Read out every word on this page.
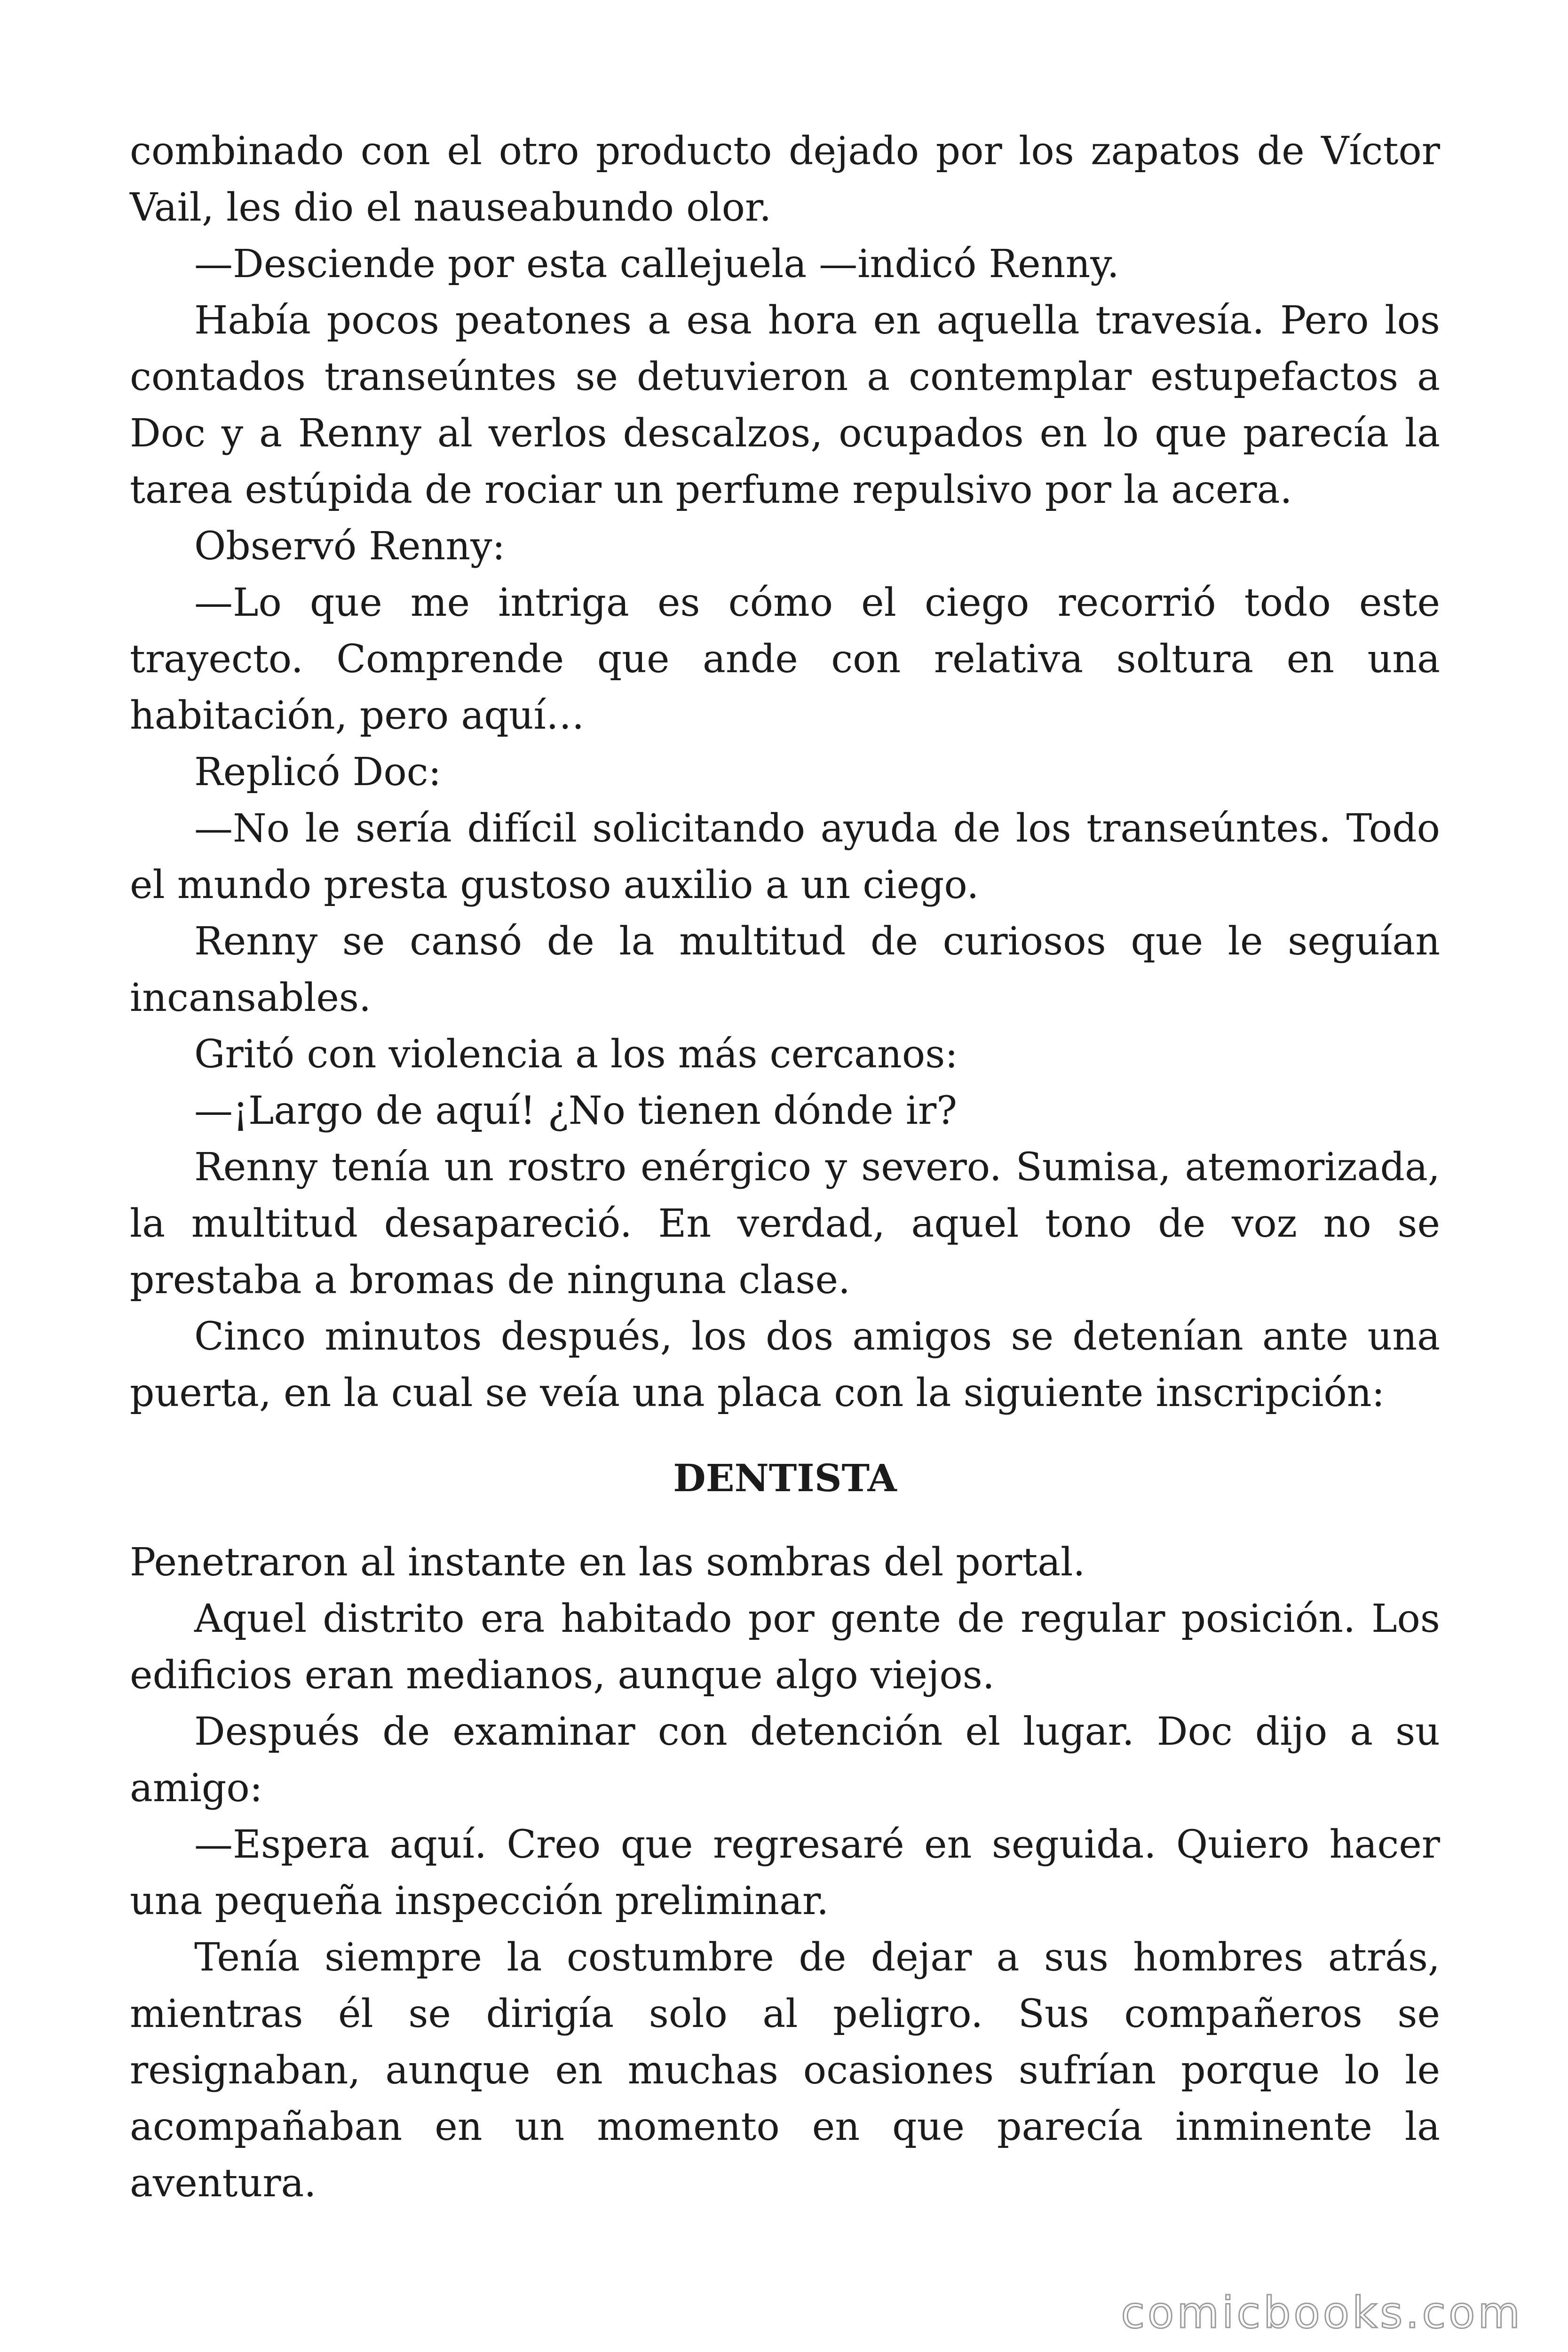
combinado con el otro producto dejado por los zapatos de Víctor Vail, les dio el nauseabundo olor.

—Desciende por esta callejuela —indicó Renny.

Había pocos peatones a esa hora en aquella travesía. Pero los contados transeúntes se detuvieron a contemplar estupefactos a Doc y a Renny al verlos descalzos, ocupados en lo que parecía la tarea estúpida de rociar un perfume repulsivo por la acera.

Observó Renny:

—Lo que me intriga es cómo el ciego recorrió todo este trayecto. Comprende que ande con relativa soltura en una habitación, pero aquí…

Replicó Doc:

—No le sería difícil solicitando ayuda de los transeúntes. Todo el mundo presta gustoso auxilio a un ciego.

Renny se cansó de la multitud de curiosos que le seguían incansables.

Gritó con violencia a los más cercanos:

—¡Largo de aquí! ¿No tienen dónde ir?

Renny tenía un rostro enérgico y severo. Sumisa, atemorizada, la multitud desapareció. En verdad, aquel tono de voz no se prestaba a bromas de ninguna clase.

Cinco minutos después, los dos amigos se detenían ante una puerta, en la cual se veía una placa con la siguiente inscripción:

DENTISTA

Penetraron al instante en las sombras del portal.

Aquel distrito era habitado por gente de regular posición. Los edificios eran medianos, aunque algo viejos.

Después de examinar con detención el lugar. Doc dijo a su amigo:

—Espera aquí. Creo que regresaré en seguida. Quiero hacer una pequeña inspección preliminar.

Tenía siempre la costumbre de dejar a sus hombres atrás, mientras él se dirigía solo al peligro. Sus compañeros se resignaban, aunque en muchas ocasiones sufrían porque lo le acompañaban en un momento en que parecía inminente la aventura.

comicbooks.com
